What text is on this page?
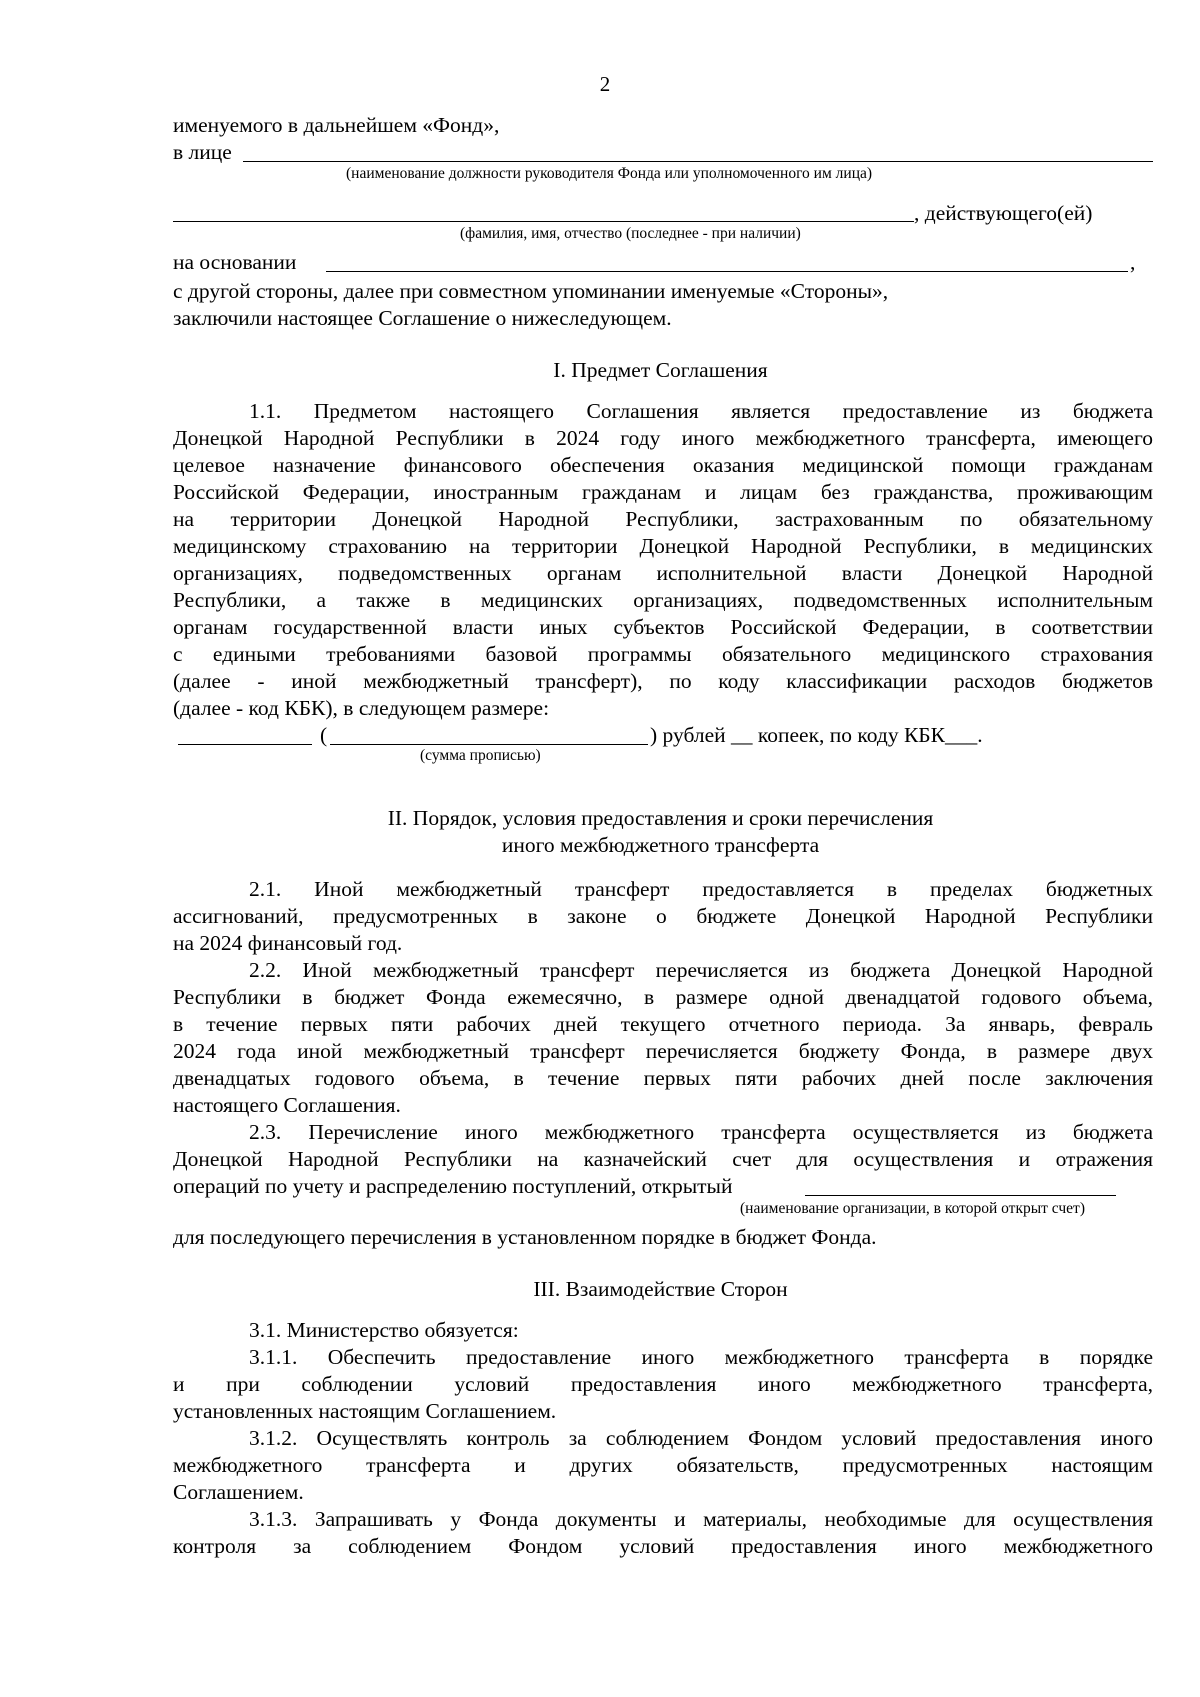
2
именуемого в дальнейшем «Фонд»,
в лице
(наименование должности руководителя Фонда или уполномоченного им лица)
, действующего(ей)
(фамилия, имя, отчество (последнее - при наличии)
на основании	,
с другой стороны, далее при совместном упоминании именуемые «Стороны»,
заключили настоящее Соглашение о нижеследующем.
I. Предмет Соглашения
1.1. Предметом настоящего Соглашения является предоставление из бюджета
Донецкой Народной Республики в 2024 году иного межбюджетного трансферта, имеющего
целевое назначение финансового обеспечения оказания медицинской помощи гражданам
Российской Федерации, иностранным гражданам и лицам без гражданства, проживающим
на территории Донецкой Народной Республики, застрахованным по обязательному
медицинскому страхованию на территории Донецкой Народной Республики, в медицинских
организациях, подведомственных органам исполнительной власти Донецкой Народной
Республики, а также в медицинских организациях, подведомственных исполнительным
органам государственной власти иных субъектов Российской Федерации, в соответствии
с едиными требованиями базовой программы обязательного медицинского страхования
(далее - иной межбюджетный трансферт), по коду классификации расходов бюджетов
(далее - код КБК), в следующем размере:
(	) рублей __ копеек, по коду КБК___.
(сумма прописью)
II. Порядок, условия предоставления и сроки перечисления
иного межбюджетного трансферта
2.1. Иной межбюджетный трансферт предоставляется в пределах бюджетных
ассигнований, предусмотренных в законе о бюджете Донецкой Народной Республики
на 2024 финансовый год.
2.2. Иной межбюджетный трансферт перечисляется из бюджета Донецкой Народной
Республики в бюджет Фонда ежемесячно, в размере одной двенадцатой годового объема,
в течение первых пяти рабочих дней текущего отчетного периода. За январь, февраль
2024 года иной межбюджетный трансферт перечисляется бюджету Фонда, в размере двух
двенадцатых годового объема, в течение первых пяти рабочих дней после заключения
настоящего Соглашения.
2.3. Перечисление иного межбюджетного трансферта осуществляется из бюджета
Донецкой Народной Республики на казначейский счет для осуществления и отражения
операций по учету и распределению поступлений, открытый
(наименование организации, в которой открыт счет)
для последующего перечисления в установленном порядке в бюджет Фонда.
III. Взаимодействие Сторон
3.1. Министерство обязуется:
3.1.1. Обеспечить предоставление иного межбюджетного трансферта в порядке
и при соблюдении условий предоставления иного межбюджетного трансферта,
установленных настоящим Соглашением.
3.1.2. Осуществлять контроль за соблюдением Фондом условий предоставления иного
межбюджетного трансферта и других обязательств, предусмотренных настоящим
Соглашением.
3.1.3. Запрашивать у Фонда документы и материалы, необходимые для осуществления
контроля за соблюдением Фондом условий предоставления иного межбюджетного
